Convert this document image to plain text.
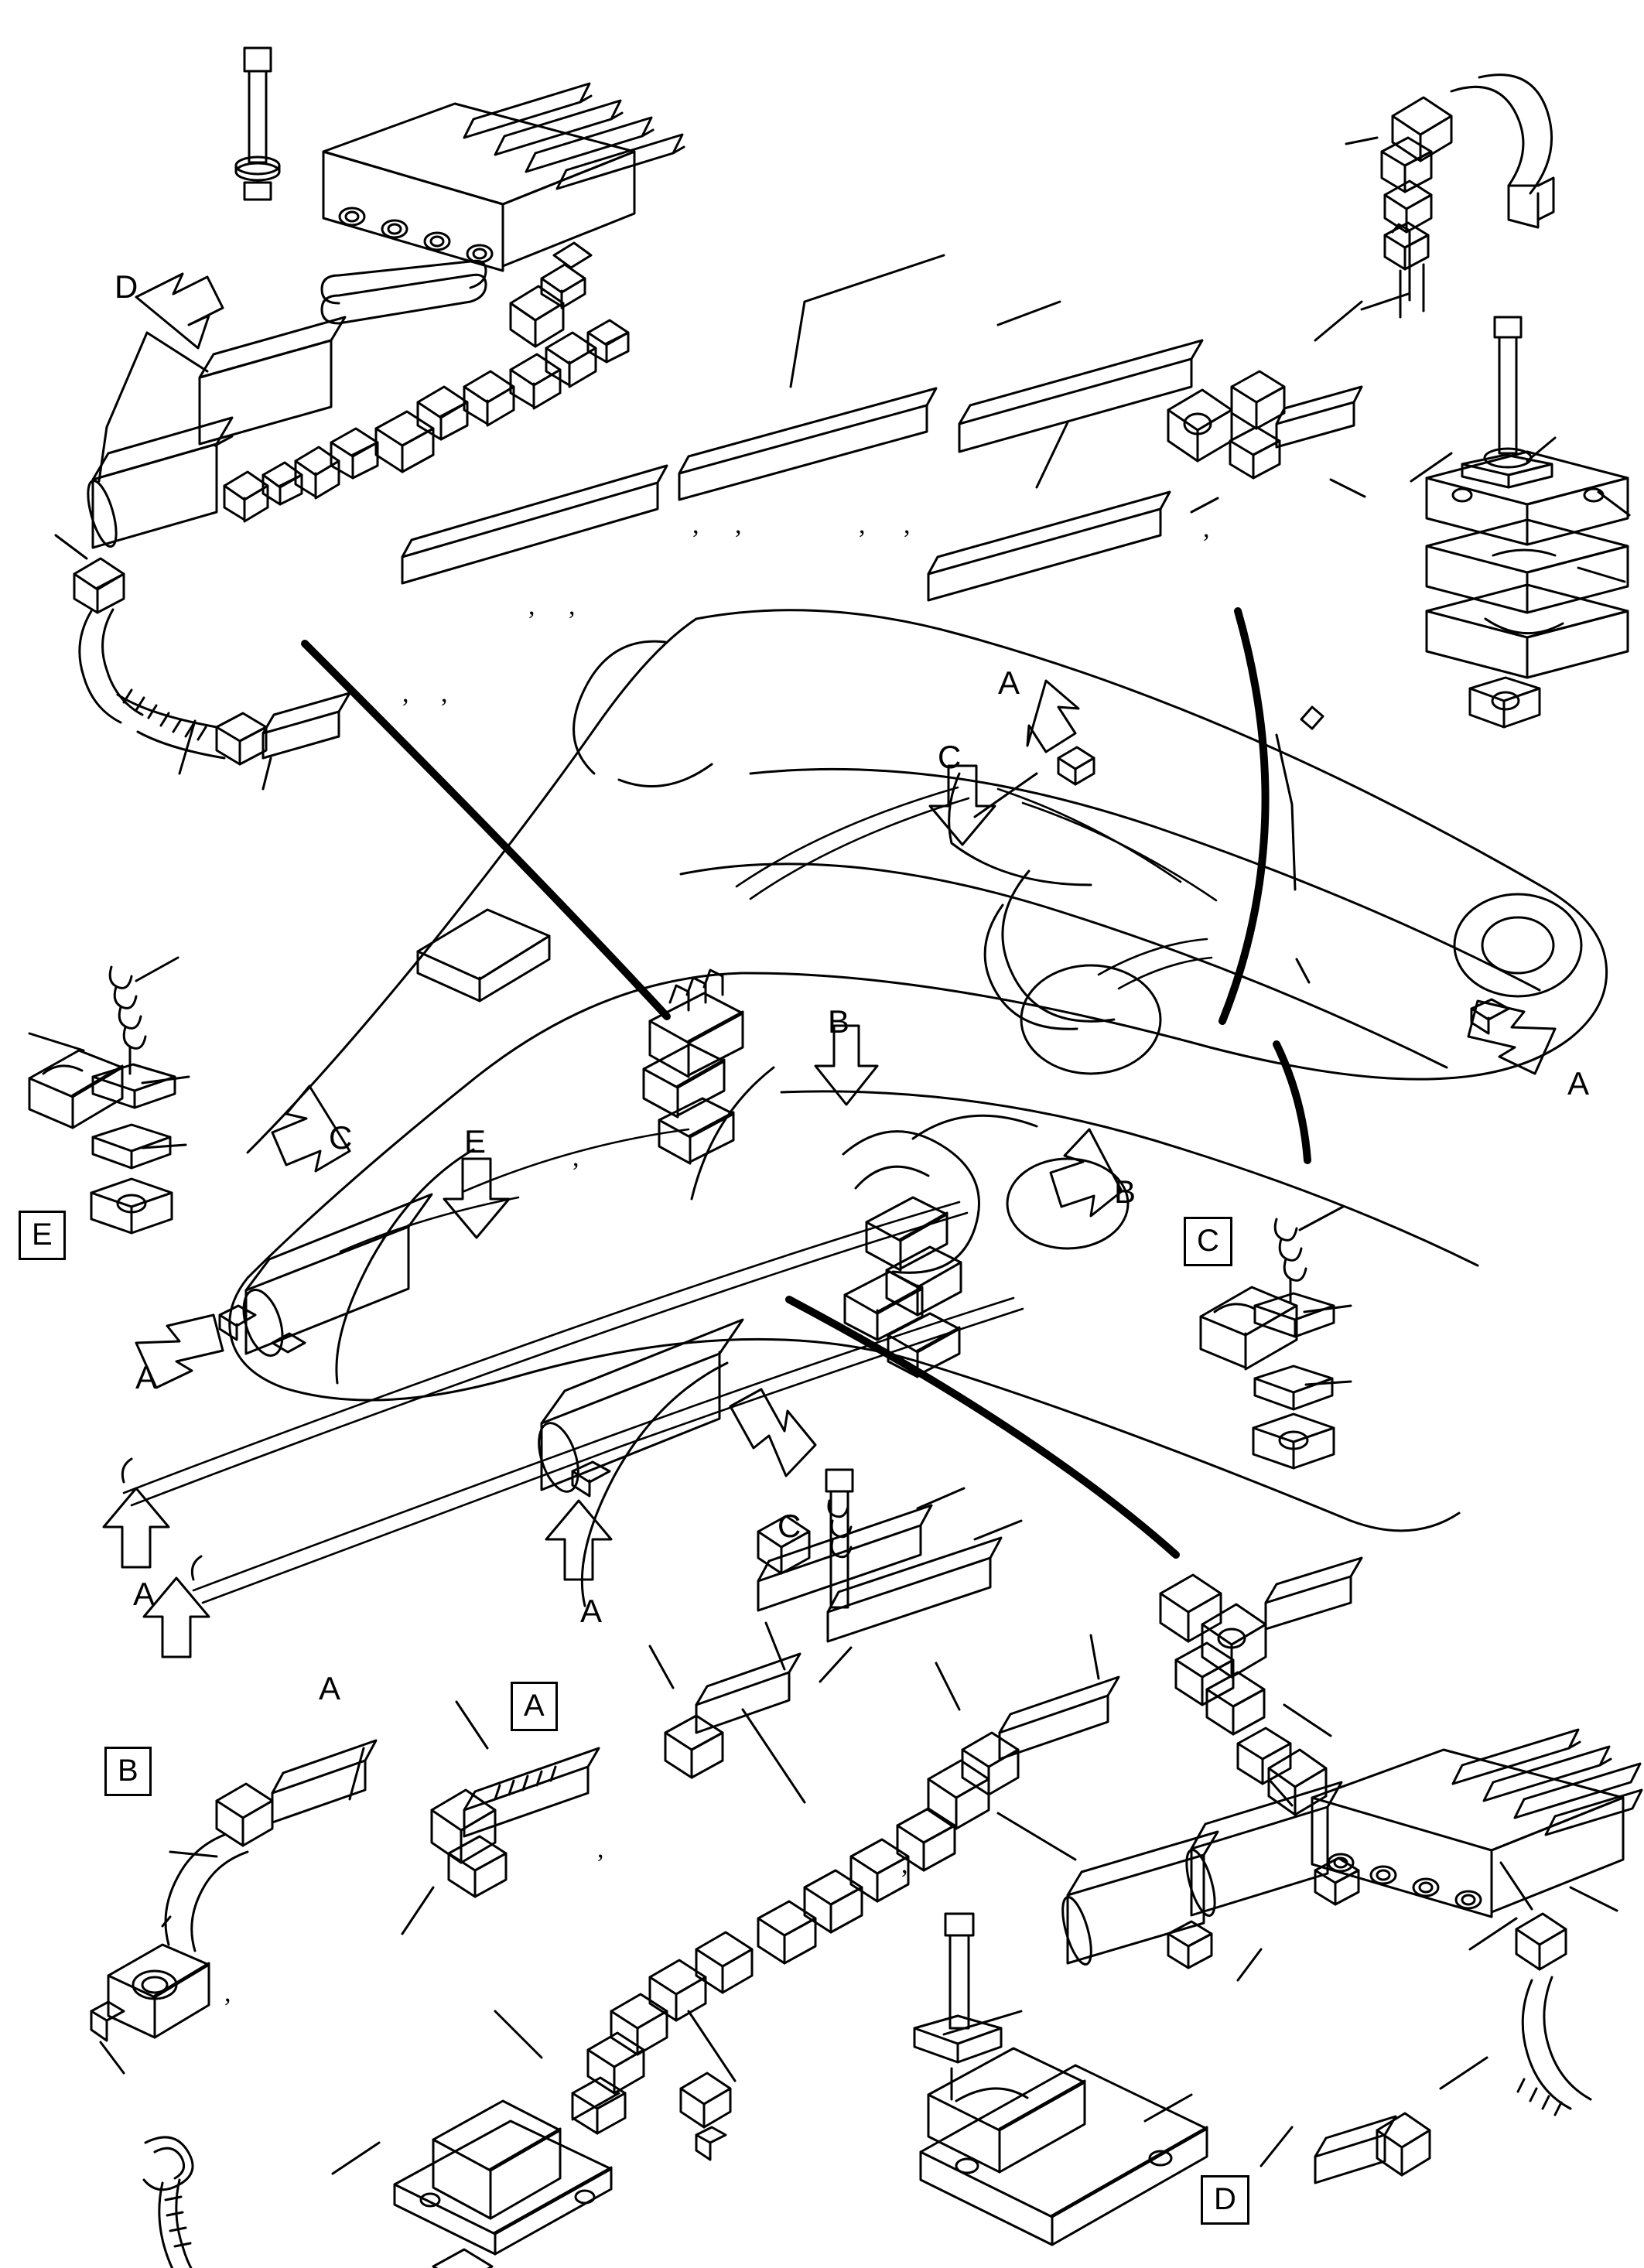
E	C
A
B
D
D
A
C
B
A
B
C	E
A
A
A
A
C
, ,	, ,	,
, ,
, ,
,
,
,
,
